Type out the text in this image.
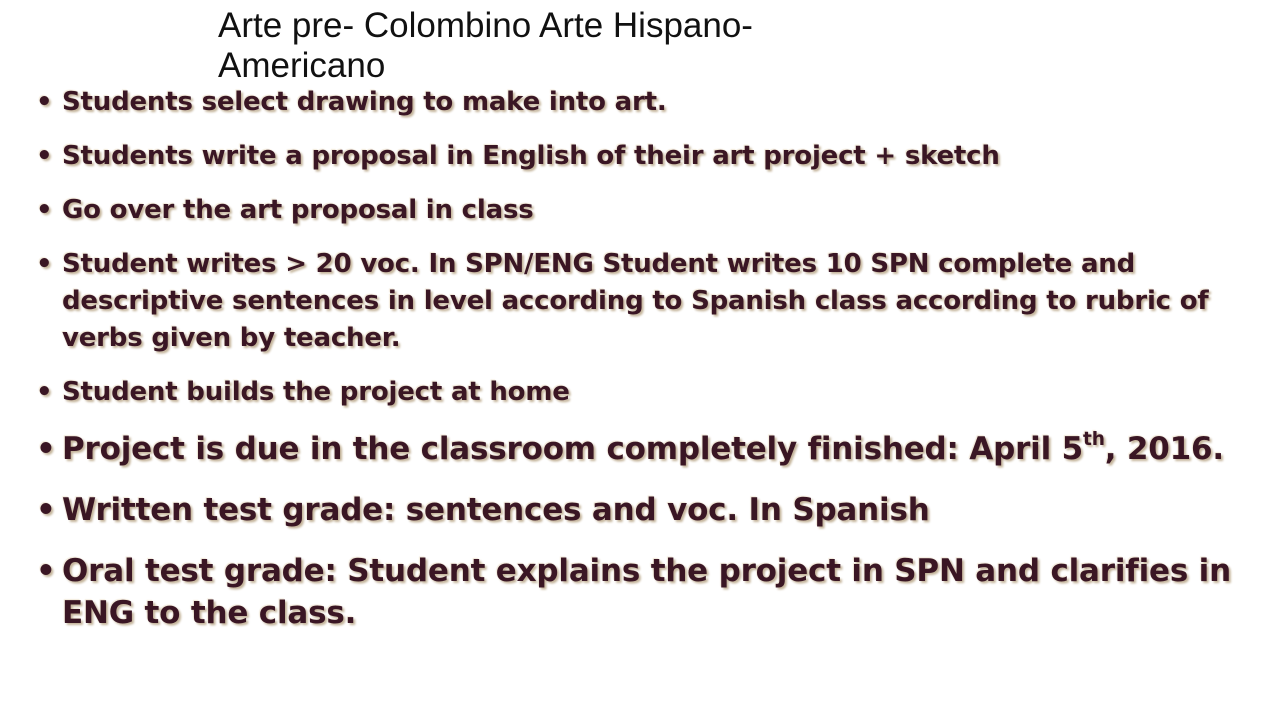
Arte pre- Colombino Arte Hispano-Americano
• Students select drawing to make into art.
• Students write a proposal in English of their art project + sketch
• Go over the art proposal in class
• Student writes > 20 voc. In SPN/ENG Student writes 10 SPN complete and descriptive sentences in level according to Spanish class according to rubric of verbs given by teacher.
• Student builds the project at home
• Project is due in the classroom completely finished: April 5th, 2016.
• Written test grade: sentences and voc. In Spanish
• Oral test grade: Student explains the project in SPN and clarifies in ENG to the class.
